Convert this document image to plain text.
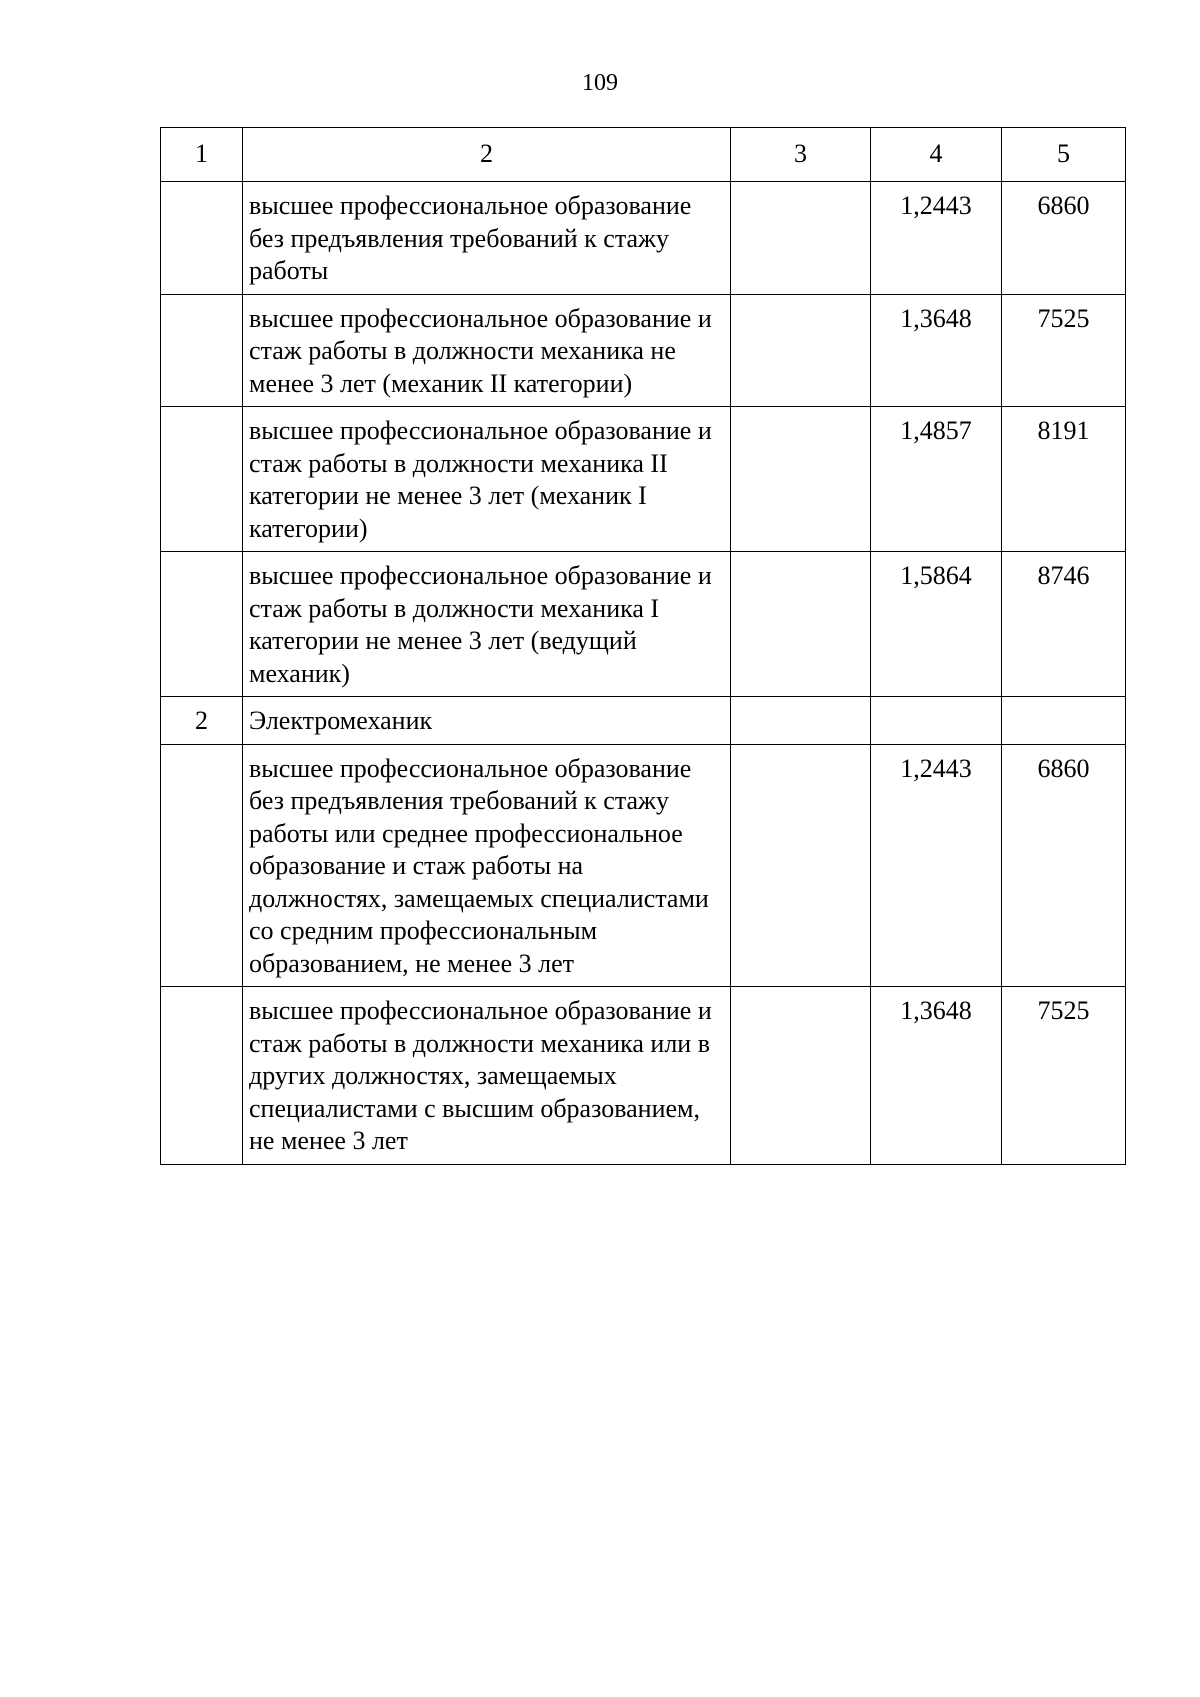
109
1	2	3	4	5
	высшее профессиональное образование без предъявления требований к стажу работы		1,2443	6860
	высшее профессиональное образование и стаж работы в должности механика не менее 3 лет (механик II категории)		1,3648	7525
	высшее профессиональное образование и стаж работы в должности механика II категории не менее 3 лет (механик I категории)		1,4857	8191
	высшее профессиональное образование и стаж работы в должности механика I категории не менее 3 лет (ведущий механик)		1,5864	8746
2	Электромеханик			
	высшее профессиональное образование без предъявления требований к стажу работы или среднее профессиональное образование и стаж работы на должностях, замещаемых специалистами со средним профессиональным образованием, не менее 3 лет		1,2443	6860
	высшее профессиональное образование и стаж работы в должности механика или в других должностях, замещаемых специалистами с высшим образованием, не менее 3 лет		1,3648	7525
